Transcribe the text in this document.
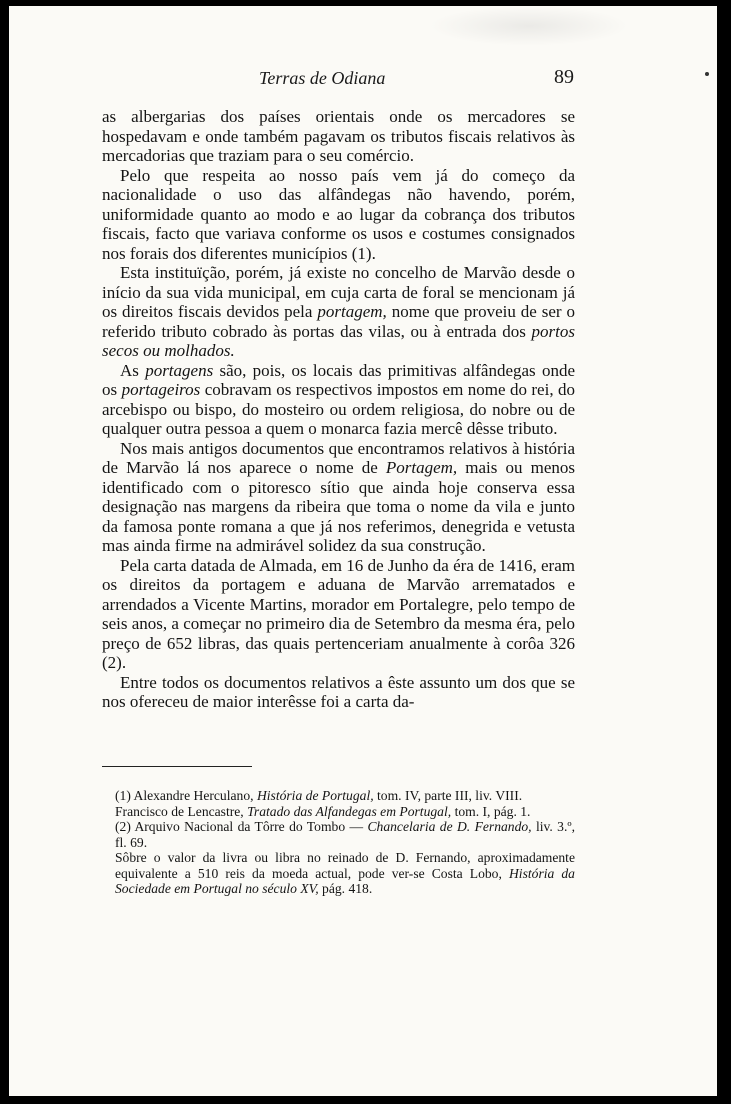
Terras de Odiana	89

as albergarias dos países orientais onde os mercadores se hospedavam e onde também pagavam os tributos fiscais relativos às mercadorias que traziam para o seu comércio.

Pelo que respeita ao nosso país vem já do começo da nacionalidade o uso das alfândegas não havendo, porém, uniformidade quanto ao modo e ao lugar da cobrança dos tributos fiscais, facto que variava conforme os usos e costumes consignados nos forais dos diferentes municípios (1).

Esta instituïção, porém, já existe no concelho de Marvão desde o início da sua vida municipal, em cuja carta de foral se mencionam já os direitos fiscais devidos pela portagem, nome que proveiu de ser o referido tributo cobrado às portas das vilas, ou à entrada dos portos secos ou molhados.

As portagens são, pois, os locais das primitivas alfândegas onde os portageiros cobravam os respectivos impostos em nome do rei, do arcebispo ou bispo, do mosteiro ou ordem religiosa, do nobre ou de qualquer outra pessoa a quem o monarca fazia mercê dêsse tributo.

Nos mais antigos documentos que encontramos relativos à história de Marvão lá nos aparece o nome de Portagem, mais ou menos identificado com o pitoresco sítio que ainda hoje conserva essa designação nas margens da ribeira que toma o nome da vila e junto da famosa ponte romana a que já nos referimos, denegrida e vetusta mas ainda firme na admirável solidez da sua construção.

Pela carta datada de Almada, em 16 de Junho da éra de 1416, eram os direitos da portagem e aduana de Marvão arrematados e arrendados a Vicente Martins, morador em Portalegre, pelo tempo de seis anos, a começar no primeiro dia de Setembro da mesma éra, pelo preço de 652 libras, das quais pertenceriam anualmente à corôa 326 (2).

Entre todos os documentos relativos a êste assunto um dos que se nos ofereceu de maior interêsse foi a carta da-

(1) Alexandre Herculano, História de Portugal, tom. IV, parte III, liv. VIII.

Francisco de Lencastre, Tratado das Alfandegas em Portugal, tom. I, pág. 1.

(2) Arquivo Nacional da Tôrre do Tombo — Chancelaria de D. Fernando, liv. 3.º, fl. 69.

Sôbre o valor da livra ou libra no reinado de D. Fernando, aproximadamente equivalente a 510 reis da moeda actual, pode ver-se Costa Lobo, História da Sociedade em Portugal no século XV, pág. 418.
